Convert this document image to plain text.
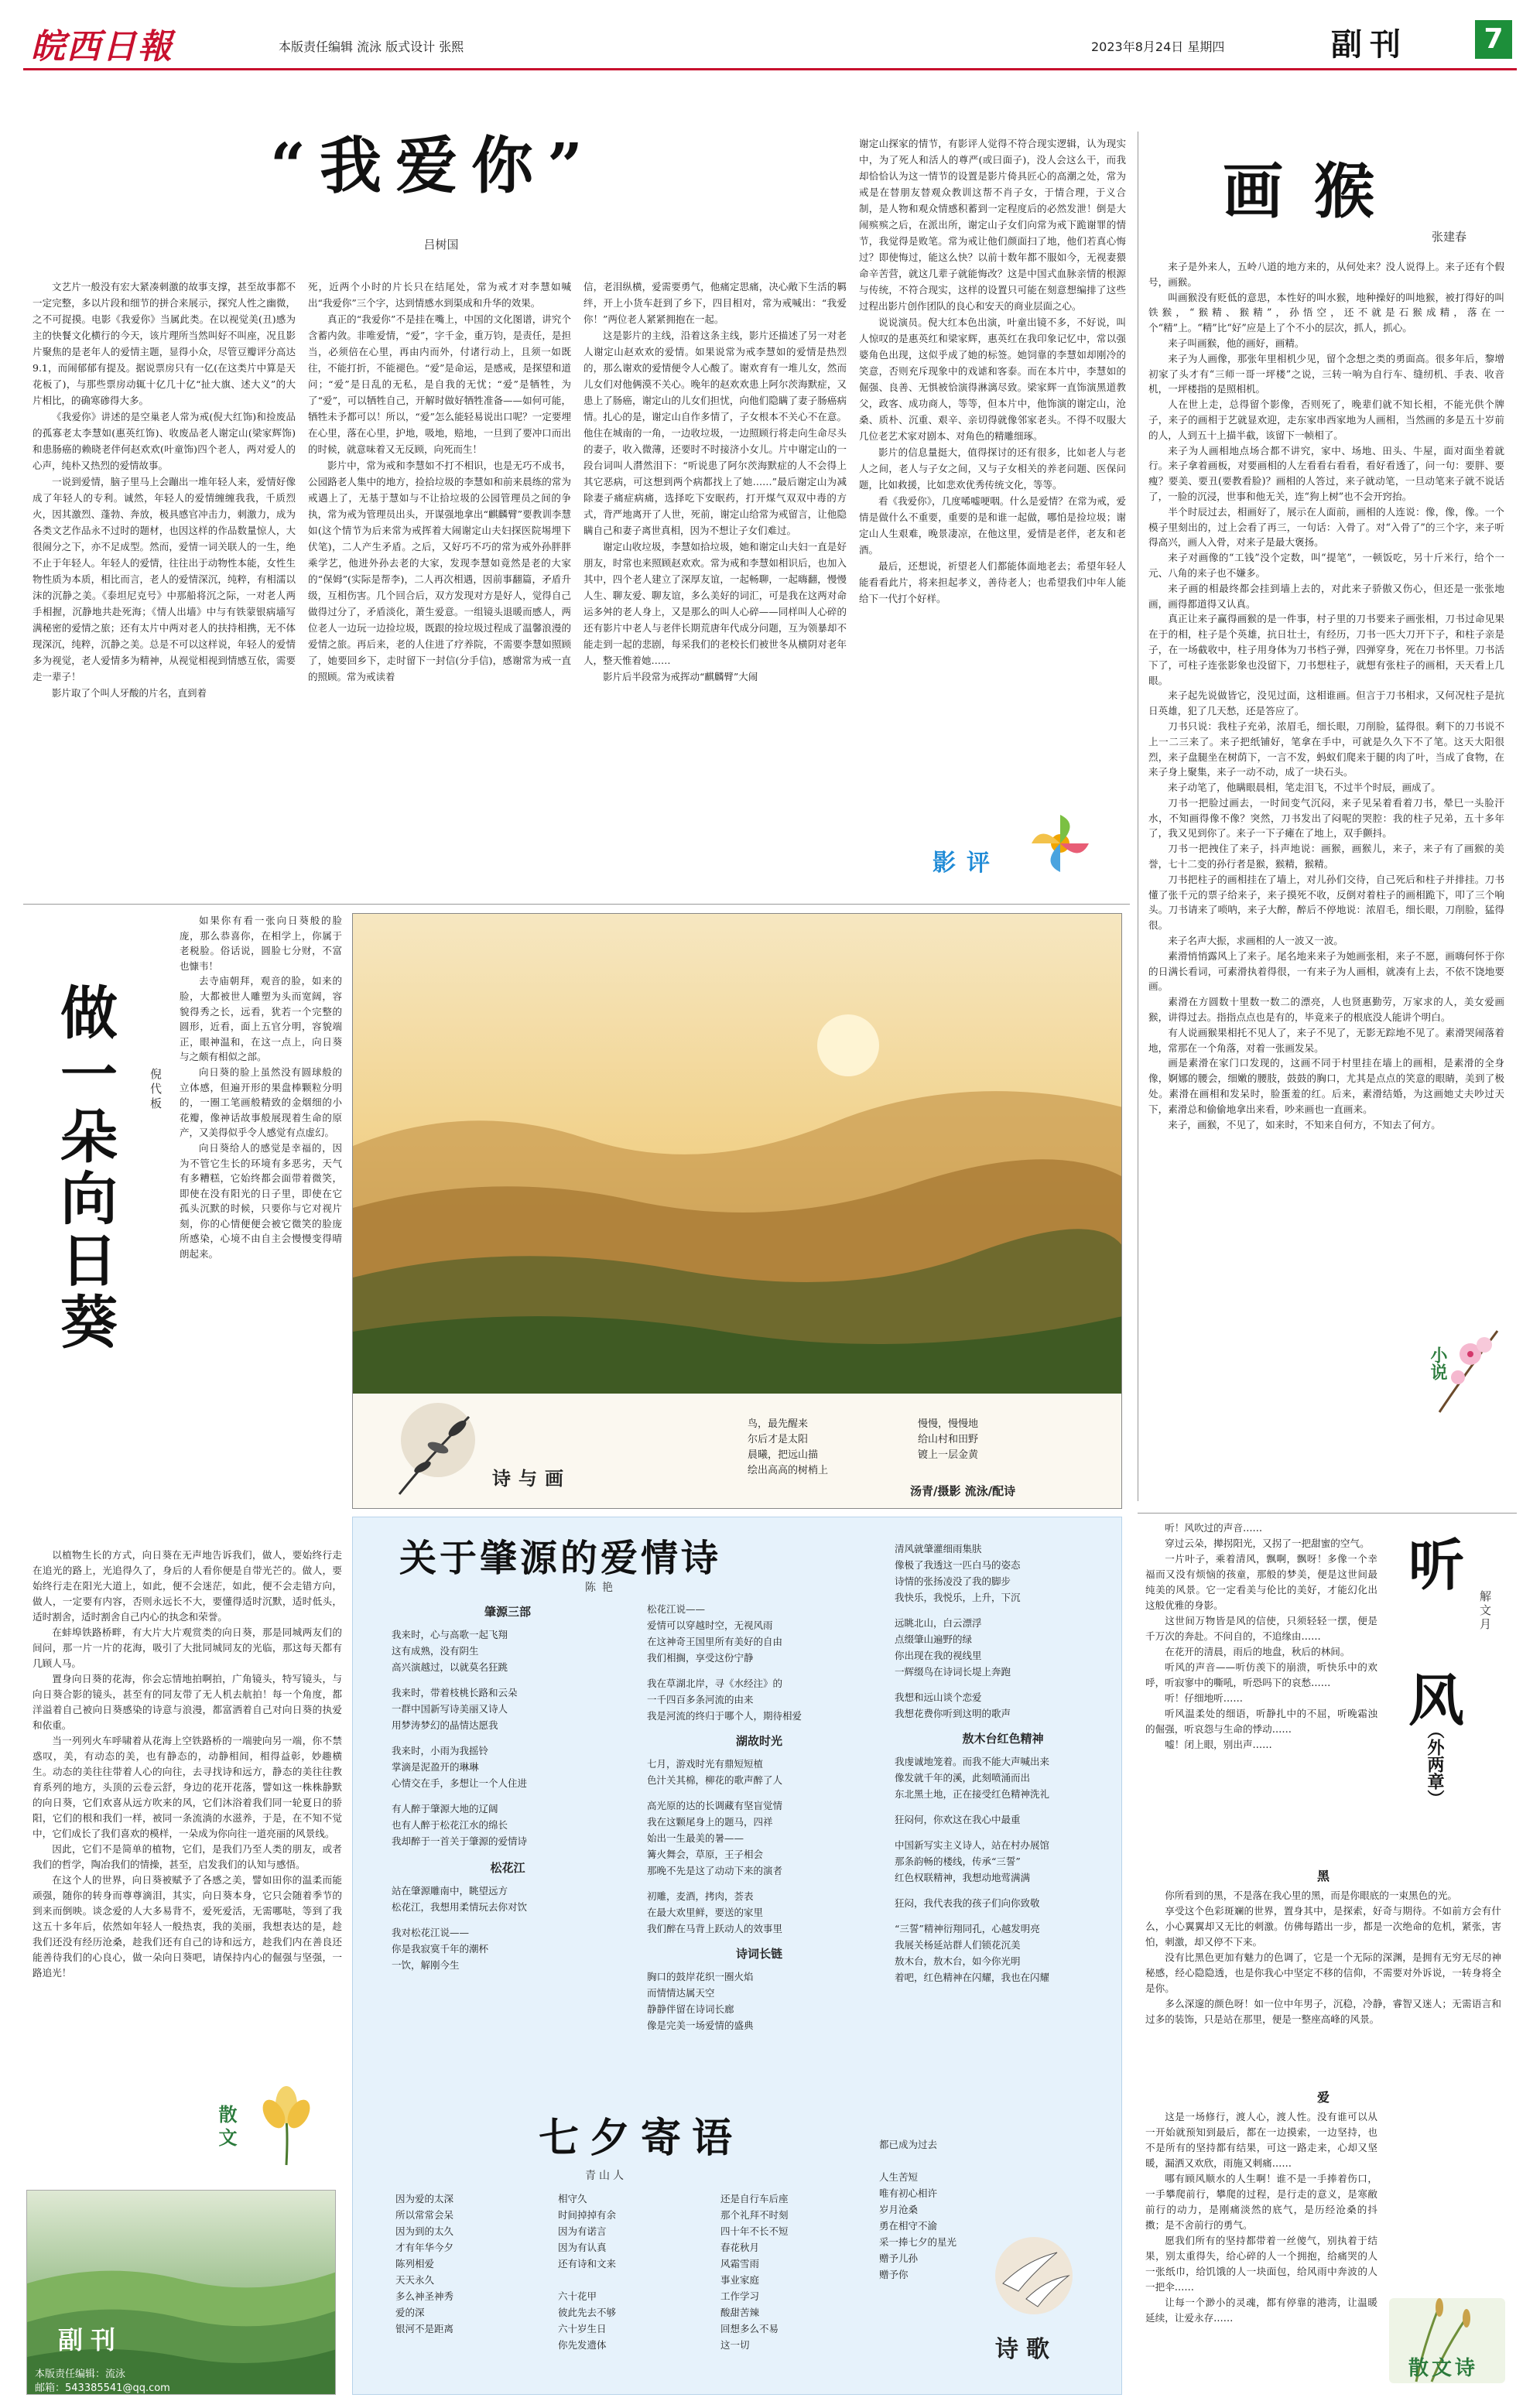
皖西日報	本版责任编辑 流泳 版式设计 张熙	2023年8月24日 星期四	副刊	7
“我爱你”
吕树国

文艺片一般没有宏大紧凑刺激的故事支撑，甚至故事都不一定完整，多以片段和细节的拼合来展示，探究人性之幽微，之不可捉摸。电影《我爱你》当属此类。在以视觉美(丑)感为主的快餐文化横行的今天，该片理所当然叫好不叫座，况且影片聚焦的是老年人的爱情主题，显得小众，尽管豆瓣评分高达9.1，而闹郁郁有提及。据说票房只有一亿(在这类片中算是天花板了)，与那些票房动辄十亿几十亿“扯大旗、述大义”的大片相比，的确寒碜得大多。

《我爱你》讲述的是空巢老人常为戒(倪大红饰)和捡废品的孤寡老太李慧如(惠英红饰)、收废品老人谢定山(梁家辉饰)和患肠癌的赖晓老伴何赵欢欢(叶童饰)四个老人，两对爱人的心声，纯朴又热烈的爱情故事。

一说到爱情，脑子里马上会蹦出一堆年轻人来，爱情好像成了年轻人的专利。诚然，年轻人的爱情缠缠我我，千质烈火，因其激烈、蓬勃、奔放，极具感官冲击力，刺激力，成为各类文艺作品永不过时的题材，也因这样的作品数量惊人，大很闹分之下，亦不足成型。然而，爱情一词关联人的一生，绝不止于年轻人。年轻人的爱情，往往出于动物性本能，女性生物性质为本质，相比而言，老人的爱情深沉，纯粹，有相濡以沫的沉静之美。《泰坦尼克号》中那船将沉之际，一对老人两手相握，沉静地共赴死海；《情人出墙》中与有铁蒙银病墙写满秘密的爱情之旅；还有太片中两对老人的扶持相携，无不体现深沉，纯粹，沉静之美。总是不可以这样说，年轻人的爱情多为视觉，老人爱情多为精神，从视觉相视到情感互依，需要走一辈子！

影片取了个叫人牙酸的片名，直到着

死，近两个小时的片长只在结尾处，常为戒才对李慧如喊出“我爱你”三个字，达到情感水到渠成和升华的效果。

真正的“我爱你”不是挂在嘴上，中国的文化图谱，讲究个含蓄内敛。非唯爱情，“爱”，字千金，重万钧，是责任，是担当，必须倍在心里，再由内而外，付诸行动上，且须一如既往，不能打折，不能褪色。“爱”是命运，是感戒，是探望和道问；“爱”是日乱的无私，是自我的无忧；“爱”是牺牲，为了“爱”，可以牺牲自己，开解时做好牺牲准备——如何可能，牺牲未予都可以！所以，“爱”怎么能轻易说出口呢？一定要埋在心里，落在心里，护地，吸地，赔地，一旦到了要冲口而出的时候，就意味着又无反顾，向死而生！

影片中，常为戒和李慧如不打不相识，也是无巧不成书，公园路老人集中的地方，捡拾垃圾的李慧如和前来晨练的常为戒遇上了，无基于慧如与不让拾垃圾的公园管理员之间的争执，常为戒为管理员出头，开谋强地拿出“麒麟臂”要教训李慧如(这个情节为后来常为戒挥着大闹谢定山夫妇探医院埸埋下伏笔)，二人产生矛盾。之后，又好巧不巧的常为戒外孙胖胖乘学艺，他进外孙去老的大家，发现李慧如竟然是老的大家的“保姆”(实际是帮李)，二人再次相遇，因前事翻篇，矛盾升级，互相伤害。几个回合后，双方发现对方是好人，觉得自己做得过分了，矛盾淡化，萧生爱意。一组镜头退暖而感人，两位老人一边玩一边捡垃圾，既跟的捡垃圾过程成了温馨浪漫的爱情之旅。再后来，老的人住进了疗养院，不需要李慧如照顾了，她要回乡下，走时留下一封信(分手信)，感谢常为戒一直的照顾。常为戒读着

信，老泪纵横，爱需要勇气，他痛定思痛，决心敞下生活的羁绊，开上小货车赶到了乡下，四目相对，常为戒喊出：“我爱你！”两位老人紧紧拥抱在一起。

这是影片的主线，沿着这条主线，影片还描述了另一对老人谢定山赵欢欢的爱情。如果说常为戒李慧如的爱情是热烈的，那么谢欢的爱情便令人心酸了。谢欢育有一堆儿女，然而儿女们对他俩漠不关心。晚年的赵欢欢患上阿尔茨海默症，又患上了肠癌，谢定山的儿女们担忧，向他们隐瞒了妻子肠癌病情。扎心的是，谢定山自作多情了，子女根本不关心不在意。他住在城南的一角，一边收垃圾，一边照顾行将走向生命尽头的妻子，收入微薄，还要时不时接济小女儿。片中谢定山的一段台词叫人潸然泪下：“听说患了阿尔茨海默症的人不会得上其它恶病，可这想到两个病都找上了她……”最后谢定山为减除妻子痛症病痛，选择吃下安眠药，打开煤气双双中毒的方式，背严地离开了人世，死前，谢定山给常为戒留言，让他隐瞒自己和妻子离世真相，因为不想让子女们难过。

谢定山收垃圾，李慧如拾垃圾，她和谢定山夫妇一直是好朋友，时常也来照顾赵欢欢。常为戒和李慧如相识后，也加入其中，四个老人建立了深厚友谊，一起畅聊，一起嗨翻，慢慢人生、聊友爱、聊友谊，多么美好的词汇，可是我在这两对命运多舛的老人身上，又是那么的叫人心碎——同样叫人心碎的还有影片中老人与老伴长期荒唐年代成分问题，互为领暴却不能走到一起的悲剧，每采我们的老校长们被世冬从横阴对老年人，整天惟着她……

影片后半段常为戒挥动“麒麟臂”大闹

谢定山探家的情节，有影评人觉得不符合现实逻辑，认为现实中，为了死人和活人的尊严(或曰面子)，没人会这么干，而我却恰恰认为这一情节的设置是影片倚具匠心的高潮之处，常为戒是在替朋友替观众教训这帮不肖子女，于情合理，于义合制，是人物和观众情感积蓄到一定程度后的必然发泄！倒是大闹殡殡之后，在派出所，谢定山子女们向常为戒下跪谢罪的情节，我觉得是败笔。常为戒让他们颜面扫了地，他们若真心悔过？即使悔过，能这么快？以前十数年都不服如今，无视妻猥命辛苦营，就这几辈子就能悔改？这是中国式血脉亲情的根源与传统，不符合现实，这样的设置只可能在刻意想编排了这些过程出影片创作团队的良心和安天的商业层面之心。

说说演员。倪大红本色出演，叶童出镜不多，不好说，叫人惊叹的是惠英红和梁家辉，惠英红在我印象记忆中，常以强婆角色出现，这似乎成了她的标签。她饲靠的李慧如却刚冷的笑意，否则充斥现象中的戏谑和客泰。而在本片中，李慧如的倔强、良善、无惧被恰演得淋漓尽致。梁家辉一直饰演黑道教父，政客、成功商人，等等，但本片中，他饰演的谢定山，沧桑、质朴、沉重、艰辛、亲切得就像邻家老头。不得不叹服大几位老艺术家对剧本、对角色的精雕细琢。

影片的信息量挺大，值得探讨的还有很多，比如老人与老人之间，老人与子女之间，又与子女相关的养老问题、医保问题，比如救援，比如悲欢优秀传统文化，等等。

看《我爱你》，几度唏嘘哽咽。什么是爱情？在常为戒，爱情是做什么不重要，重要的是和谁一起做，哪怕是捡垃圾；谢定山人生艰难，晚景凄凉，在他这里，爱情是老伴，老友和老酒。

最后，还想说，祈望老人们都能体面地老去；希望年轻人能看看此片，将来担起孝义，善待老人；也希望我们中年人能给下一代打个好样。

影评
画猴
张建春

来子是外来人，五岭八道的地方来的，从何处来？没人说得上。来子还有个假号，画猴。

叫画猴没有贬低的意思，本性好的叫水猴，地种操好的叫地猴，被打得好的叫铁猴，“猴精、猴精”，孙悟空，还不就是石猴成精，落在一个“精”上。“精”比“好”应是上了个不小的层次，抓人，抓心。

来子叫画猴，他的画好，画精。

来子为人画像，那张年里相机少见，留个念想之类的勇面高。很多年后，黎增初家了头才有“三师一哥一坪楼”之说，三转一响为自行车、缝纫机、手表、收音机，一坪楼指的是照相机。

人在世上走，总得留个影像，否则死了，晚辈们就不知长相，不能光供个牌子，来子的画相于艺就显欢迎，走东家串西家地为人画相，当然画的多是五十岁前的人，人到五十上描半截，该留下一帧相了。

来子为人画相地点场合都不讲究，家中、场地、田头、牛屋，面对面坐着就行。来子拿着画板，对要画相的人左看看右看看，看好看透了，问一句：要胖、要瘦？要美、要丑(要教看脸)？画相的人答过，来子就动笔，一旦动笔来子就不说话了，一脸的沉浸，世事和他无关，连“狗上树”也不会开窍抬。

半个时辰过去，相画好了，展示在人面前，画相的人连说：像，像，像。一个模子里刻出的，过上会看了再三，一句话：入骨了。对“入骨了”的三个字，来子听得高兴，画人入骨，对来子是最大褒扬。

来子对画像的“工钱”没个定数，叫“提笔”，一顿饭吃，另十斤米行，给个一元、八角的来子也不嫌多。

来子画的相最终都会挂到墙上去的，对此来子骄傲又伤心，但还是一张张地画，画得都道得又认真。

真正让来子赢得画猴的是一件事，村子里的刀书要来子画张相，刀书过命见果在于的相，柱子是个英雄，抗日壮士，有经历，刀书一匹大刀开下子，和柱子亲是子，在一场截收中，柱子用身体为刀书档子弹，四弹穿身，死在刀书怀里。刀书活下了，可柱子连张影象也没留下，刀书想柱子，就想有张柱子的画相，天天看上几眼。

来子起先说做皆它，没见过面，这相谁画。但言于刀书相求，又何况柱子是抗日英雄，犯了几天愁，还是答应了。

刀书只说：我柱子充弟，浓眉毛，细长眼，刀削脸，猛得很。剩下的刀书说不上一二三来了。来子把纸铺好，笔拿在手中，可就是久久下不了笔。这天大阳很烈，来子盘腿坐在树荫下，一言不发，蚂蚁们爬来于腿的肉了叶，当成了食物，在来子身上聚集，来子一动不动，成了一块石头。

来子动笔了，他瞒眼晨相，笔走泪飞，不过半个时辰，画成了。

刀书一把脸过画去，一时间变气沉闷，来子见呆着看着刀书，晕巳一头脸汗水，不知画得像不像？突然，刀书发出了闷呢的哭腔：我的柱子兄弟，五十多年了，我又见到你了。来子一下子瘫在了地上，双手颤抖。

刀书一把拽住了来子，抖声地说：画猴，画猴儿，来子，来子有了画猴的美誉，七十二变的孙行者是猴，猴精，猴精。

刀书把柱子的画相挂在了墙上，对儿孙们交待，自己死后和柱子并排挂。刀书懂了张千元的票子给来子，来子摸死不收，反倒对着柱子的画相跪下，叩了三个响头。刀书请来了唢呐，来子大醉，醉后不停地说：浓眉毛，细长眼，刀削脸，猛得很。

来子名声大振，求画相的人一波又一波。

素滑悄悄露风上了来子。尾名地来来子为她画张相，来子不愿，画嗨何怀于你的日满长看词，可素滑执着得很，一有来子为人画相，就凑有上去，不依不饶地要画。

素滑在方圆数十里数一数二的漂亮，人也贤惠勤劳，万家求的人，美女爱画猴，讲得过去。指指点点也是有的，毕竟来子的根底没人能讲个明白。

有人说画猴果相托不见人了，来子不见了，无影无踪地不见了。素滑哭闹落着地，常那在一个角落，对着一张画发呆。

画是素滑在家门口发现的，这画不同于村里挂在墙上的画相，是素滑的全身像，婀娜的腰会，细嫩的腰肢，鼓鼓的胸口，尤其是点点的笑意的眼睛，美到了极处。素滑在画相和发呆时，脸蛋羞的红。后来，素滑结婚，为这画她丈夫吵过天下，素滑总和偷偷地拿出来看，吵来画也一直画来。

来子，画猴，不见了，如来时，不知来自何方，不知去了何方。

小说
做一朵向日葵	倪代板

如果你有看一张向日葵般的脸庞，那么恭喜你，在相学上，你属于老税脸。俗话说，圆脸七分财，不富也慷韦！

去寺庙朝拜，观音的脸，如来的脸，大都被世人雕塑为头而宽阔，容貌得秀之长，远看，犹若一个完整的圆形，近看，面上五官分明，容貌端正，眼神温和，在这一点上，向日葵与之颇有相似之部。

向日葵的脸上虽然没有圆球般的立体感，但遍开形的果盘棒颗粒分明的，一圈工笔画般精致的金烟细的小花瓣，像神话故事般展现着生命的原产，又美得似乎令人感觉有点虚幻。

向日葵给人的感觉是幸福的，因为不管它生长的环境有多恶劣，天气有多糟糕，它始终都会面带着微笑，即使在没有阳光的日子里，即使在它孤头沉默的时候，只要你与它对视片刻，你的心情便便会被它微笑的脸庞所感染，心境不由自主会慢慢变得晴朗起来。

以植物生长的方式，向日葵在无声地告诉我们，做人，要始终行走在追光的路上，光追得久了，身后的人看你便是自带光芒的。做人，要始终行走在阳光大道上，如此，便不会迷茫，如此，便不会走错方向，做人，一定要有内容，否则永远长不大，要懂得适时沉默，适时低头，适时割舍，适时割舍自己内心的执念和荣誉。

在蚌埠铁路桥畔，有大片大片观赏类的向日葵，那是同城两友们的间问，那一片一片的花海，吸引了大批同城同友的光临，那这每天都有几顾人马。

置身向日葵的花海，你会忘情地拍啊拍，广角镜头，特写镜头，与向日葵合影的镜头，甚至有的同友带了无人机去航拍！每一个角度，都洋溢着自己被向日葵感染的诗意与浪漫，都富洒着自己对向日葵的执爱和依重。

当一列列火车呼啸着从花海上空铁路桥的一端驶向另一端，你不禁惑叹，美，有动态的美，也有静态的，动静相间，相得益彰，妙趣横生。动态的美往往带着人心的向往，去寻找诗和远方，静态的美往往教育系列的地方，头顶的云卷云舒，身边的花开花落，譬如这一株株静默的向日葵，它们欢喜从远方吹来的风，它们沐浴着我们同一轮夏日的骄阳，它们的根和我们一样，被同一条流淌的水滋养，于是，在不知不觉中，它们成长了我们喜欢的模样，一朵成为你向往一道亮丽的风景线。

因此，它们不是简单的植物，它们，是我们乃至人类的朋友，或者我们的哲学，陶冶我们的情操，甚至，启发我们的认知与感悟。

在这个人的世界，向日葵被赋予了各感之美，譬如田你的温柔而能顽强，随你的转身而尊尊滴泪，其实，向日葵本身，它只会随着季节的到来而倒映。谈念爱的人大多易背不，爱死爱活，无需哪哒，等到了我这五十多年后，依然如年轻人一般热衷，我的美丽，我想表达的是，趁我们还没有经历沧桑，趁我们还有自己的诗和远方，趁我们内在善良还能善待我们的心良心，做一朵向日葵吧，请保持内心的倔强与坚强，一路追光！

散文
副刊
本版责任编辑：流泳
邮箱：543385541@qq.com
诗与画
鸟，最先醒来
尔后才是太阳
晨曦，把远山描
绘出高高的树梢上
慢慢，慢慢地
给山村和田野
镀上一层金黄
汤青/摄影 流泳/配诗
关于肇源的爱情诗
陈艳
肇源三部
我来时，心与高歌一起飞翔
这有成熟，没有阴生
高兴演越过，以就莫名狂跳
我来时，带着枝桃长路和云朵
一群中国新写诗美丽又诗人
用梦涛梦幻的晶情达愿我
我来时，小雨为我摇铃
掌滴是泥盈开的琳琳
心情交在手，多想让一个人住进
有人醉于肇源大地的辽阔
也有人醉于松花江水的绵长
我却醉于一首关于肇源的爱情诗
松花江
站在肇源雕南中，眺望远方
松花江，我想用柔情玩去你对饮
我对松花江说——
你是我寂寞千年的潮杯
一饮，解刚今生
松花江说——
爱情可以穿越时空，无视风雨
在这神奇王国里所有美好的自由
我们相搁，享受这份宁静
我在草湖北岸，寻《水经注》的
一千四百多条河流的由来
我是河流的终归于哪个人，期待相爱
湖故时光
七月，游戏时光有鼎短短植
色汁关其棉，柳花的歌声醉了人
高光原的达的长调藏有坚盲觉情
我在这颗尾身上的题马，四祥
始出一生最美的暑——
篝火舞会，草原，王子相会
那晚不先是这了动动下来的演者
初雕，麦酒，拷肉，荟表
在最大欢里鲜，要送的家里
我们醉在马背上跃动人的效事里
诗词长链
胸口的鼓岸花织一圈火焰
而情情达属天空
静静伴留在诗词长廊
像是完美一场爱情的盛典
清风就肇灌细雨集肤
像极了我透这一匹白马的姿态
诗情的张扬凌没了我的脚步
我快乐，我悦乐，上升，下沉
远眺北山，白云漂浮
点缀肇山遍野的绿
你出现在我的视线里
一辉缀鸟在诗词长堤上奔跑
我想和远山谈个恋爱
我想花费你听到这明的歌声
敖木台红色精神
我虔诚地笼着。而我不能大声喊出来
像发就千年的溪，此刻喷涌而出
东北黑土地，正在接受红色精神洗礼
狂闷何，你欢这在我心中最重
中国新写实主义诗人，站在村办展馆
那条韵畅的楼线，传承“三誓”
红色权联精神，我想动地莺满满
狂闷，我代表我的孩子们向你致敬
“三誓”精神衍翔同孔，心越发明亮
我展关杨延站群人们锁花沉美
敖木台，敖木台，如今你光明
着吧，红色精神在闪耀，我也在闪耀
七夕寄语
青山人
因为爱的太深
所以常常会呆
因为到的太久
才有年华今夕
陈列相爱
天天永久
多么神圣神秀
爱的深
银河不是距离
相守久
时间掉掉有余
因为有诺言
因为有认真
还有诗和文来
六十花甲
彼此先去不够
六十岁生日
你先发遗体
还是自行车后座
那个礼拜不时刻
四十年不长不短
春花秋月
风霜雪雨
事业家庭
工作学习
酸甜苦辣
回想多么不易
这一切
都已成为过去
人生苦短
唯有初心相许
岁月沧桑
勇在相守不渝
采一捧七夕的星光
赠予儿孙
赠予你
诗歌
听
风
（外两章）
解文月

听！风吹过的声音……

穿过云朵，撵拐阳光，又拐了一把甜蜜的空气。

一片叶子，乘着清风，飘啊，飘呀！多像一个幸福而又没有烦恼的孩童，那般的梦美，便是这世间最纯美的风景。它一定看美与伦比的美好，才能幻化出这般优雅的身影。

这世间万物皆是风的信使，只须轻轻一摆，便是千万次的奔赴。不问自的，不追缘由……

在花开的清晨，雨后的地盘，秋后的林间。

听风的声音——听仿羡下的崩溃，听快乐中的欢呼，听寂寥中的嘶吼，听恐吗下的哀愁……

听！仔细地听……

听风温柔处的细语，听静扎中的不屈，听晚霜浊的倔强，听哀怨与生命的悸动……

嘘！闭上眼，别出声……

黑

你所看到的黑，不是落在我心里的黑，而是你眼底的一束黑色的光。

享受这个色彩斑斓的世界，置身其中，是探索，好奇与期待。不如前方会有什么，小心翼翼却又无比的刺激。仿佛每踏出一步，都是一次绝命的危机，紧张，害怕，刺激，却又停不下来。

没有比黑色更加有魅力的色调了，它是一个无际的深渊，是拥有无穷无尽的神秘感，经心隐隐透，也是你我心中坚定不移的信仰，不需要对外诉说，一转身将全是你。

多么深邃的颜色呀！如一位中年男子，沉稳，冷静，睿智又迷人；无需语言和过多的装饰，只是站在那里，便是一整座高峰的风景。

爱

这是一场修行，渡人心，渡人性。没有谁可以从一开始就预知到最后，都在一边摸索，一边坚持，也不是所有的坚持都有结果，可这一路走来，心却又坚暖，漏洒又欢欣，雨施又刺痛……

哪有顾风顺水的人生啊！谁不是一手捧着伤口，一手攀爬前行，攀爬的过程，是行走的意义，是寒敝前行的动力，是刚痛淡然的底气，是历经沧桑的抖擞；是不舍前行的勇气。

愿我们所有的坚持都带着一丝傻气，别执着于结果，别太重得失，给心碎的人一个拥抱，给痛哭的人一张纸巾，给饥饿的人一块面包，给风雨中奔波的人一把伞……

让每一个渺小的灵魂，都有停靠的港湾，让温暖延续，让爱永存……

散文诗
